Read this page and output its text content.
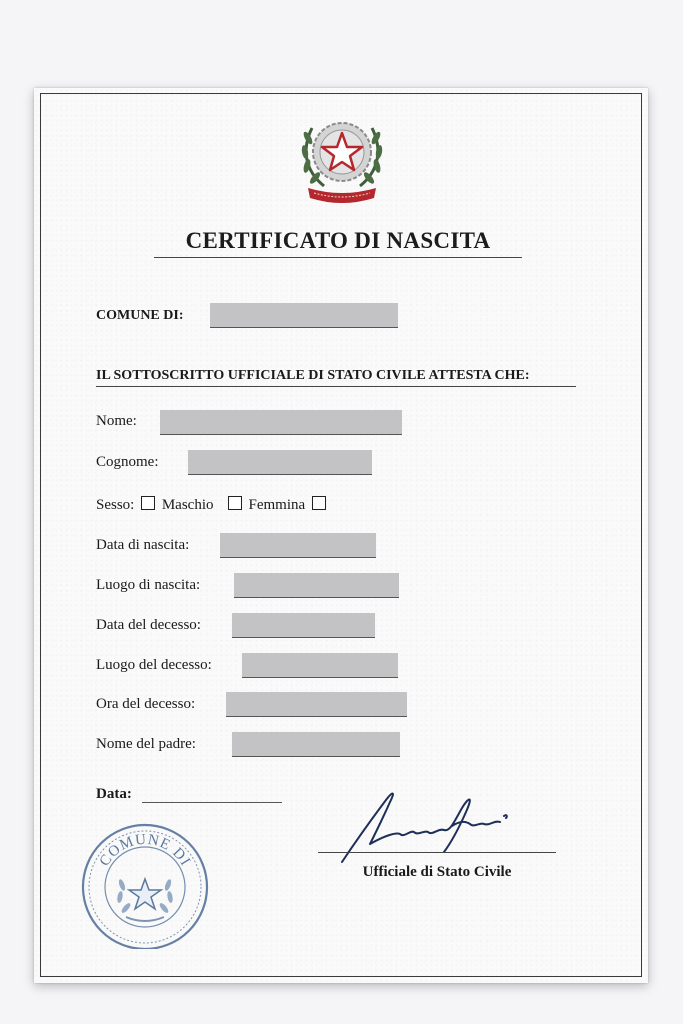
CERTIFICATO DI NASCITA
COMUNE DI:
IL SOTTOSCRITTO UFFICIALE DI STATO CIVILE ATTESTA CHE:
Nome:
Cognome:
Sesso: Maschio Femmina
Data di nascita:
Luogo di nascita:
Data del decesso:
Luogo del decesso:
Ora del decesso:
Nome del padre:
Data:
COMUNE DI
Ufficiale di Stato Civile
